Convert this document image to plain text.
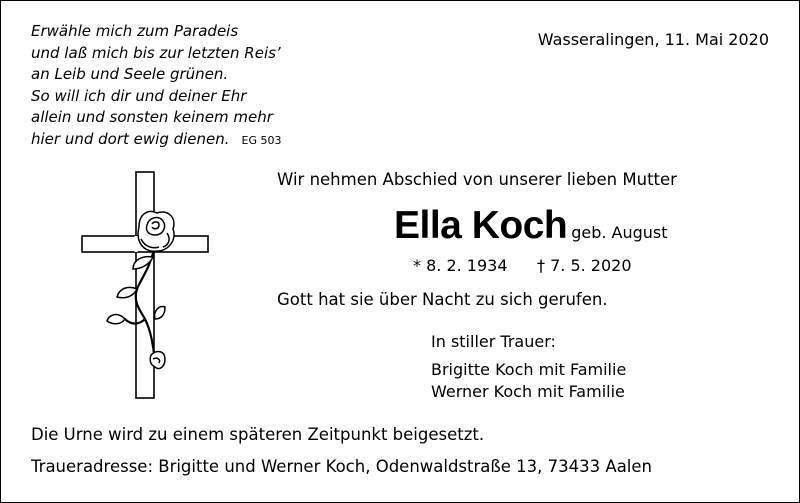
Erwähle mich zum Paradeis
und laß mich bis zur letzten Reis’
an Leib und Seele grünen.
So will ich dir und deiner Ehr
allein und sonsten keinem mehr
hier und dort ewig dienen. EG 503
Wasseralingen, 11. Mai 2020
Wir nehmen Abschied von unserer lieben Mutter
Ella Koch geb. August
* 8. 2. 1934 † 7. 5. 2020
Gott hat sie über Nacht zu sich gerufen.
In stiller Trauer:
Brigitte Koch mit Familie
Werner Koch mit Familie
Die Urne wird zu einem späteren Zeitpunkt beigesetzt.
Traueradresse: Brigitte und Werner Koch, Odenwaldstraße 13, 73433 Aalen
